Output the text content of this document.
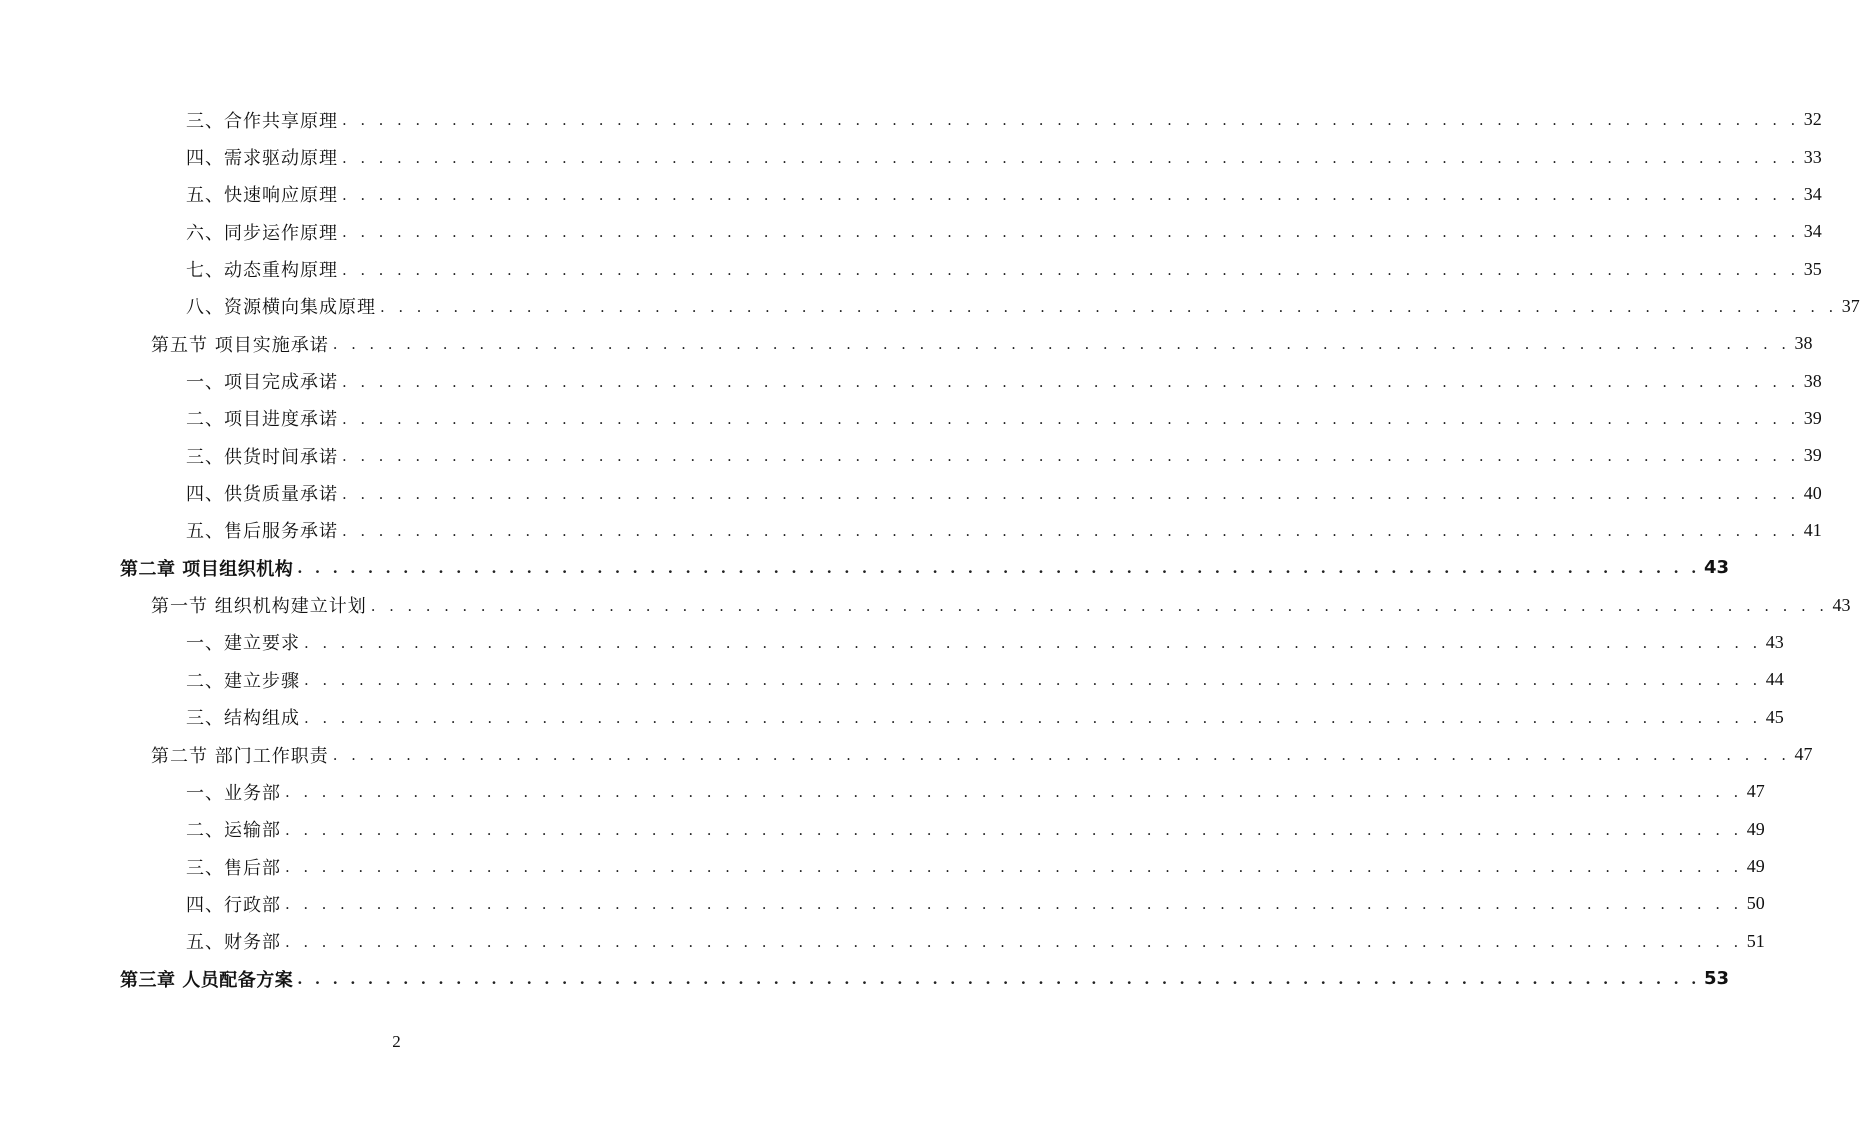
三、合作共享原理 . . . . . . . . . . . . . . . . . . . . . . . . . . . . . . . . . . . . . . . . . . . . . . . . . . . . . . . . . . . . . . . . . . . . . . . . . . . . . . . . 32
四、需求驱动原理 . . . . . . . . . . . . . . . . . . . . . . . . . . . . . . . . . . . . . . . . . . . . . . . . . . . . . . . . . . . . . . . . . . . . . . . . . . . . . . . . 33
五、快速响应原理 . . . . . . . . . . . . . . . . . . . . . . . . . . . . . . . . . . . . . . . . . . . . . . . . . . . . . . . . . . . . . . . . . . . . . . . . . . . . . . . . 34
六、同步运作原理 . . . . . . . . . . . . . . . . . . . . . . . . . . . . . . . . . . . . . . . . . . . . . . . . . . . . . . . . . . . . . . . . . . . . . . . . . . . . . . . . 34
七、动态重构原理 . . . . . . . . . . . . . . . . . . . . . . . . . . . . . . . . . . . . . . . . . . . . . . . . . . . . . . . . . . . . . . . . . . . . . . . . . . . . . . . . 35
八、资源横向集成原理 . . . . . . . . . . . . . . . . . . . . . . . . . . . . . . . . . . . . . . . . . . . . . . . . . . . . . . . . . . . . . . . . . . . . . . . . . . . . . . . . 37
第五节 项目实施承诺 . . . . . . . . . . . . . . . . . . . . . . . . . . . . . . . . . . . . . . . . . . . . . . . . . . . . . . . . . . . . . . . . . . . . . . . . . . . . . . . . 38
一、项目完成承诺 . . . . . . . . . . . . . . . . . . . . . . . . . . . . . . . . . . . . . . . . . . . . . . . . . . . . . . . . . . . . . . . . . . . . . . . . . . . . . . . . 38
二、项目进度承诺 . . . . . . . . . . . . . . . . . . . . . . . . . . . . . . . . . . . . . . . . . . . . . . . . . . . . . . . . . . . . . . . . . . . . . . . . . . . . . . . . 39
三、供货时间承诺 . . . . . . . . . . . . . . . . . . . . . . . . . . . . . . . . . . . . . . . . . . . . . . . . . . . . . . . . . . . . . . . . . . . . . . . . . . . . . . . . 39
四、供货质量承诺 . . . . . . . . . . . . . . . . . . . . . . . . . . . . . . . . . . . . . . . . . . . . . . . . . . . . . . . . . . . . . . . . . . . . . . . . . . . . . . . . 40
五、售后服务承诺 . . . . . . . . . . . . . . . . . . . . . . . . . . . . . . . . . . . . . . . . . . . . . . . . . . . . . . . . . . . . . . . . . . . . . . . . . . . . . . . . 41
第二章 项目组织机构 . . . . . . . . . . . . . . . . . . . . . . . . . . . . . . . . . . . . . . . . . . . . . . . . . . . . . . . . . . . . . . . . . . . . . . . . . . . . . . . . 43
第一节 组织机构建立计划 . . . . . . . . . . . . . . . . . . . . . . . . . . . . . . . . . . . . . . . . . . . . . . . . . . . . . . . . . . . . . . . . . . . . . . . . . . . . . . . . 43
一、建立要求 . . . . . . . . . . . . . . . . . . . . . . . . . . . . . . . . . . . . . . . . . . . . . . . . . . . . . . . . . . . . . . . . . . . . . . . . . . . . . . . . 43
二、建立步骤 . . . . . . . . . . . . . . . . . . . . . . . . . . . . . . . . . . . . . . . . . . . . . . . . . . . . . . . . . . . . . . . . . . . . . . . . . . . . . . . . 44
三、结构组成 . . . . . . . . . . . . . . . . . . . . . . . . . . . . . . . . . . . . . . . . . . . . . . . . . . . . . . . . . . . . . . . . . . . . . . . . . . . . . . . . 45
第二节 部门工作职责 . . . . . . . . . . . . . . . . . . . . . . . . . . . . . . . . . . . . . . . . . . . . . . . . . . . . . . . . . . . . . . . . . . . . . . . . . . . . . . . . 47
一、业务部 . . . . . . . . . . . . . . . . . . . . . . . . . . . . . . . . . . . . . . . . . . . . . . . . . . . . . . . . . . . . . . . . . . . . . . . . . . . . . . . . 47
二、运输部 . . . . . . . . . . . . . . . . . . . . . . . . . . . . . . . . . . . . . . . . . . . . . . . . . . . . . . . . . . . . . . . . . . . . . . . . . . . . . . . . 49
三、售后部 . . . . . . . . . . . . . . . . . . . . . . . . . . . . . . . . . . . . . . . . . . . . . . . . . . . . . . . . . . . . . . . . . . . . . . . . . . . . . . . . 49
四、行政部 . . . . . . . . . . . . . . . . . . . . . . . . . . . . . . . . . . . . . . . . . . . . . . . . . . . . . . . . . . . . . . . . . . . . . . . . . . . . . . . . 50
五、财务部 . . . . . . . . . . . . . . . . . . . . . . . . . . . . . . . . . . . . . . . . . . . . . . . . . . . . . . . . . . . . . . . . . . . . . . . . . . . . . . . . 51
第三章 人员配备方案 . . . . . . . . . . . . . . . . . . . . . . . . . . . . . . . . . . . . . . . . . . . . . . . . . . . . . . . . . . . . . . . . . . . . . . . . . . . . . . . . 53
2
